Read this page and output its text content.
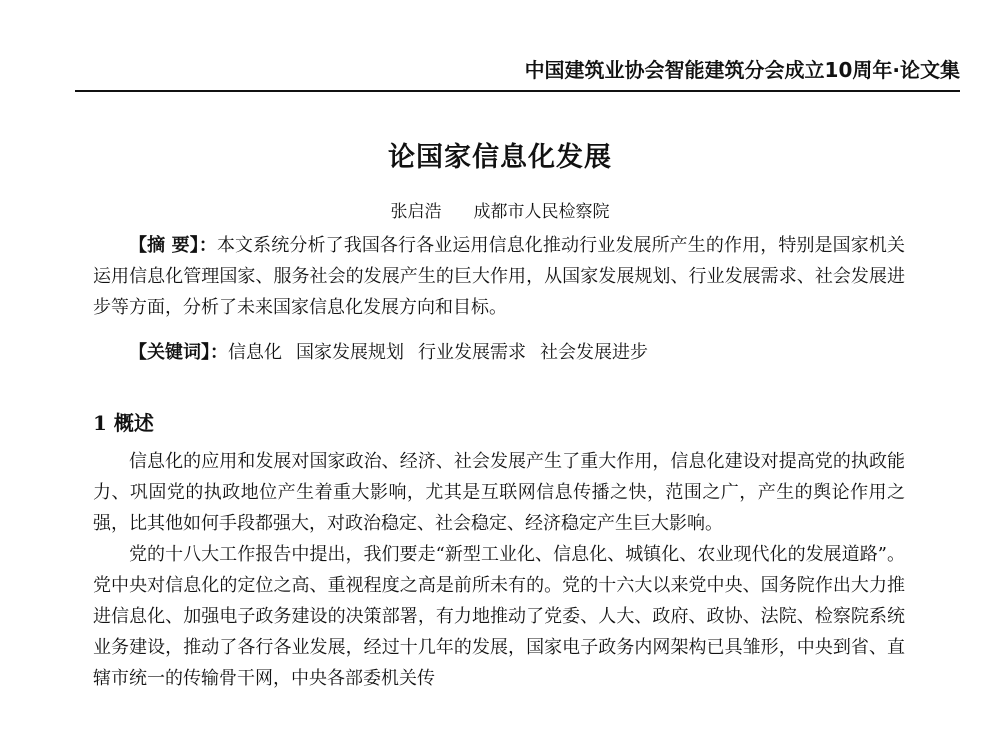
中国建筑业协会智能建筑分会成立10周年·论文集
论国家信息化发展
张启浩 成都市人民检察院
【摘 要】：本文系统分析了我国各行各业运用信息化推动行业发展所产生的作用，特别是国家机关运用信息化管理国家、服务社会的发展产生的巨大作用，从国家发展规划、行业发展需求、社会发展进步等方面，分析了未来国家信息化发展方向和目标。
【关键词】：信息化 国家发展规划 行业发展需求 社会发展进步
1 概述

信息化的应用和发展对国家政治、经济、社会发展产生了重大作用，信息化建设对提高党的执政能力、巩固党的执政地位产生着重大影响，尤其是互联网信息传播之快，范围之广，产生的舆论作用之强，比其他如何手段都强大，对政治稳定、社会稳定、经济稳定产生巨大影响。

党的十八大工作报告中提出，我们要走“新型工业化、信息化、城镇化、农业现代化的发展道路”。党中央对信息化的定位之高、重视程度之高是前所未有的。党的十六大以来党中央、国务院作出大力推进信息化、加强电子政务建设的决策部署，有力地推动了党委、人大、政府、政协、法院、检察院系统业务建设，推动了各行各业发展，经过十几年的发展，国家电子政务内网架构已具雏形，中央到省、直辖市统一的传输骨干网，中央各部委机关传
